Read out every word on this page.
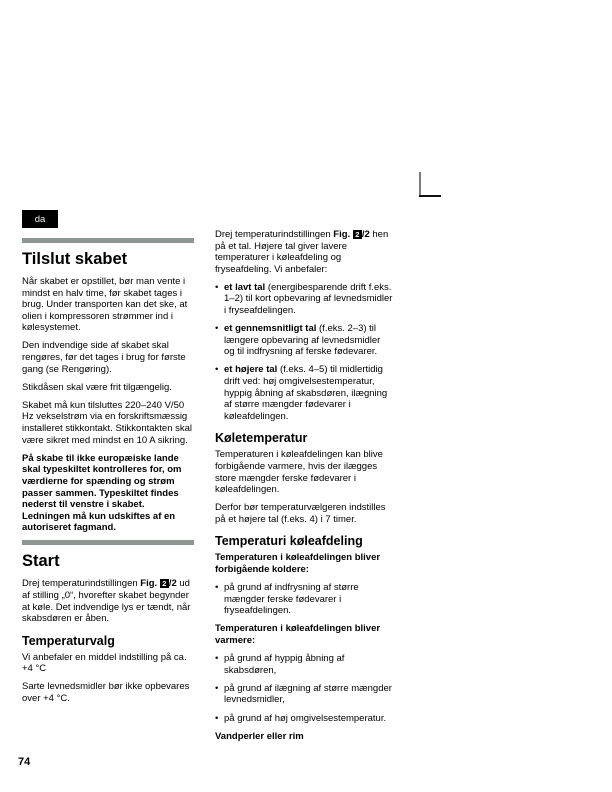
da
Tilslut skabet

Når skabet er opstillet, bør man vente i mindst en halv time, før skabet tages i brug. Under transporten kan det ske, at olien i kompressoren strømmer ind i kølesystemet.

Den indvendige side af skabet skal rengøres, før det tages i brug for første gang (se Rengøring).

Stikdåsen skal være frit tilgængelig.

Skabet må kun tilsluttes 220–240 V/50 Hz vekselstrøm via en forskriftsmæssig installeret stikkontakt. Stikkontakten skal være sikret med mindst en 10 A sikring.

På skabe til ikke europæiske lande skal typeskiltet kontrolleres for, om værdierne for spænding og strøm passer sammen. Typeskiltet findes nederst til venstre i skabet. Ledningen må kun udskiftes af en autoriseret fagmand.

Start

Drej temperaturindstillingen Fig. 2 /2 ud af stilling „0“, hvorefter skabet begynder at køle. Det indvendige lys er tændt, når skabsdøren er åben.

Temperaturvalg

Vi anbefaler en middel indstilling på ca. +4 °C

Sarte levnedsmidler bør ikke opbevares over +4 °C.

Drej temperaturindstillingen Fig. 2 /2 hen på et tal. Højere tal giver lavere temperaturer i køleafdeling og fryseafdeling. Vi anbefaler:

• et lavt tal (energibesparende drift f.eks. 1–2) til kort opbevaring af levnedsmidler i fryseafdelingen.
• et gennemsnitligt tal (f.eks. 2–3) til længere opbevaring af levnedsmidler og til indfrysning af ferske fødevarer.
• et højere tal (f.eks. 4–5) til midlertidig drift ved: høj omgivelsestemperatur, hyppig åbning af skabsdøren, ilægning af større mængder fødevarer i køleafdelingen.
Køletemperatur

Temperaturen i køleafdelingen kan blive forbigående varmere, hvis der ilægges store mængder ferske fødevarer i køleafdelingen.

Derfor bør temperaturvælgeren indstilles på et højere tal (f.eks. 4) i 7 timer.

Temperaturi køleafdeling

Temperaturen i køleafdelingen bliver forbigående koldere:

• på grund af indfrysning af større mængder ferske fødevarer i fryseafdelingen.

Temperaturen i køleafdelingen bliver varmere:

• på grund af hyppig åbning af skabsdøren,
• på grund af ilægning af større mængder levnedsmidler,
• på grund af høj omgivelsestemperatur.

Vandperler eller rim

74
